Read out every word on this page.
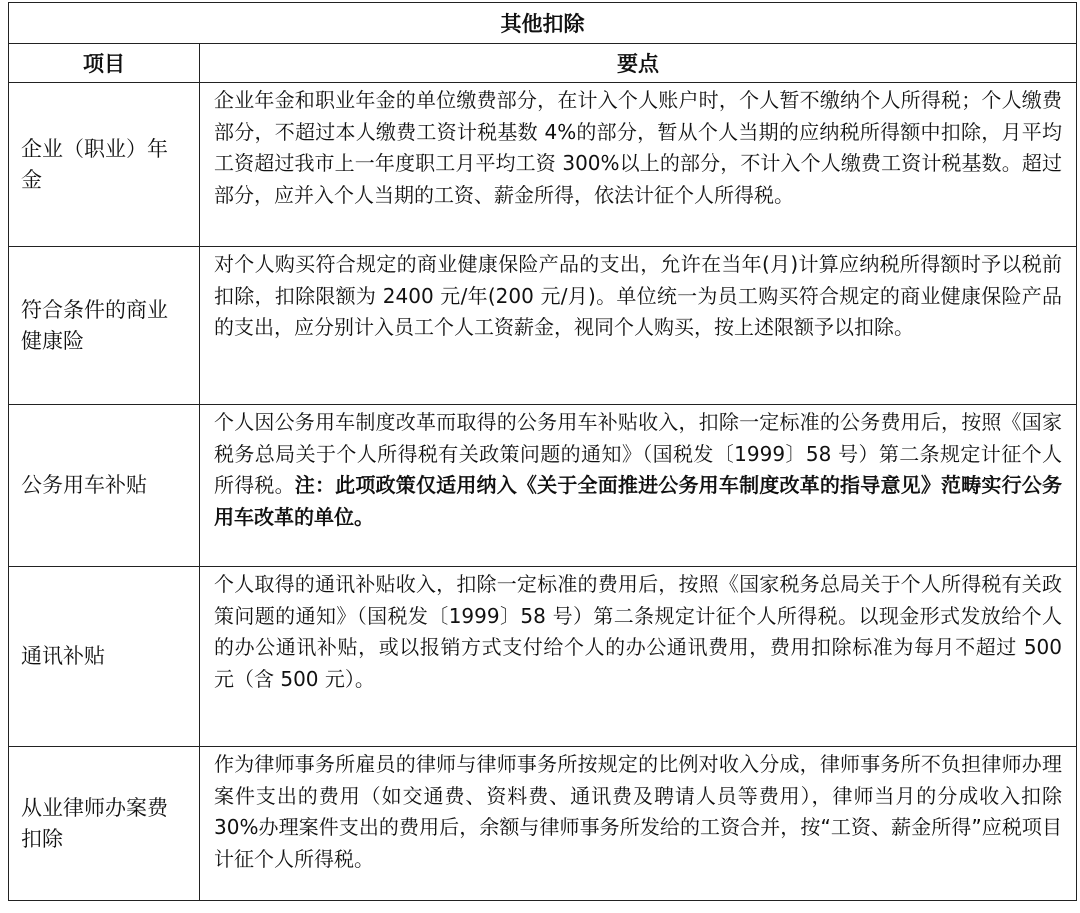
其他扣除	
项目	要点
企业（职业）年金	企业年金和职业年金的单位缴费部分，在计入个人账户时，个人暂不缴纳个人所得税；个人缴费部分，不超过本人缴费工资计税基数 4%的部分，暂从个人当期的应纳税所得额中扣除，月平均工资超过我市上一年度职工月平均工资 300%以上的部分，不计入个人缴费工资计税基数。超过部分，应并入个人当期的工资、薪金所得，依法计征个人所得税。
符合条件的商业健康险	对个人购买符合规定的商业健康保险产品的支出，允许在当年(月)计算应纳税所得额时予以税前扣除，扣除限额为 2400 元/年(200 元/月)。单位统一为员工购买符合规定的商业健康保险产品的支出，应分别计入员工个人工资薪金，视同个人购买，按上述限额予以扣除。
公务用车补贴	个人因公务用车制度改革而取得的公务用车补贴收入，扣除一定标准的公务费用后，按照《国家税务总局关于个人所得税有关政策问题的通知》（国税发〔1999〕58 号）第二条规定计征个人所得税。注：此项政策仅适用纳入《关于全面推进公务用车制度改革的指导意见》范畴实行公务用车改革的单位。
通讯补贴	个人取得的通讯补贴收入，扣除一定标准的费用后，按照《国家税务总局关于个人所得税有关政策问题的通知》（国税发〔1999〕58 号）第二条规定计征个人所得税。以现金形式发放给个人的办公通讯补贴，或以报销方式支付给个人的办公通讯费用，费用扣除标准为每月不超过 500 元（含 500 元）。
从业律师办案费扣除	作为律师事务所雇员的律师与律师事务所按规定的比例对收入分成，律师事务所不负担律师办理案件支出的费用（如交通费、资料费、通讯费及聘请人员等费用），律师当月的分成收入扣除 30%办理案件支出的费用后，余额与律师事务所发给的工资合并，按“工资、薪金所得”应税项目计征个人所得税。
